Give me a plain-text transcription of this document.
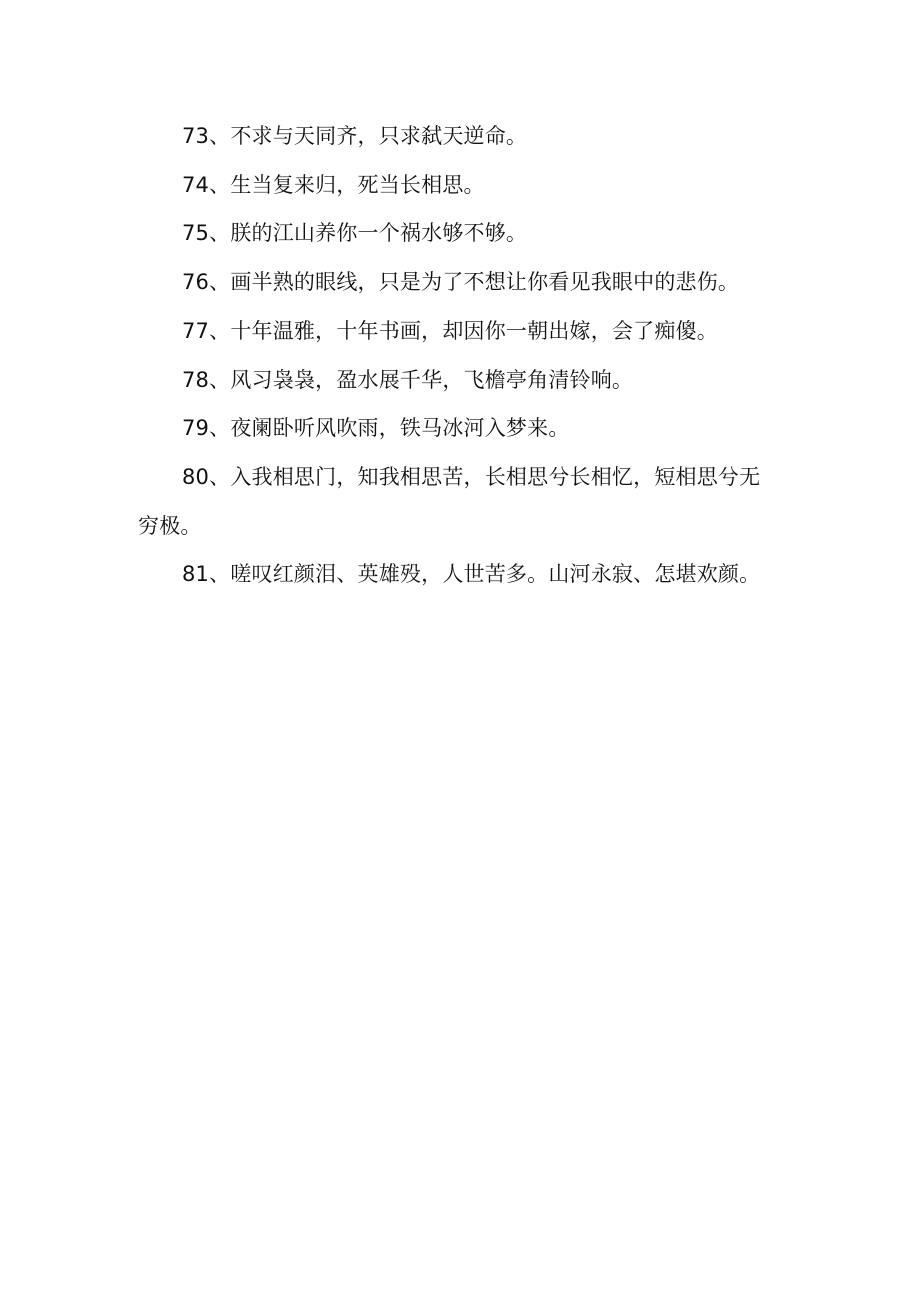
73、不求与天同齐，只求弑天逆命。

74、生当复来归，死当长相思。

75、朕的江山养你一个祸水够不够。

76、画半熟的眼线，只是为了不想让你看见我眼中的悲伤。

77、十年温雅，十年书画，却因你一朝出嫁，会了痴傻。

78、风习袅袅，盈水展千华，飞檐亭角清铃响。

79、夜阑卧听风吹雨，铁马冰河入梦来。

80、入我相思门，知我相思苦，长相思兮长相忆，短相思兮无穷极。

81、嗟叹红颜泪、英雄殁，人世苦多。山河永寂、怎堪欢颜。
